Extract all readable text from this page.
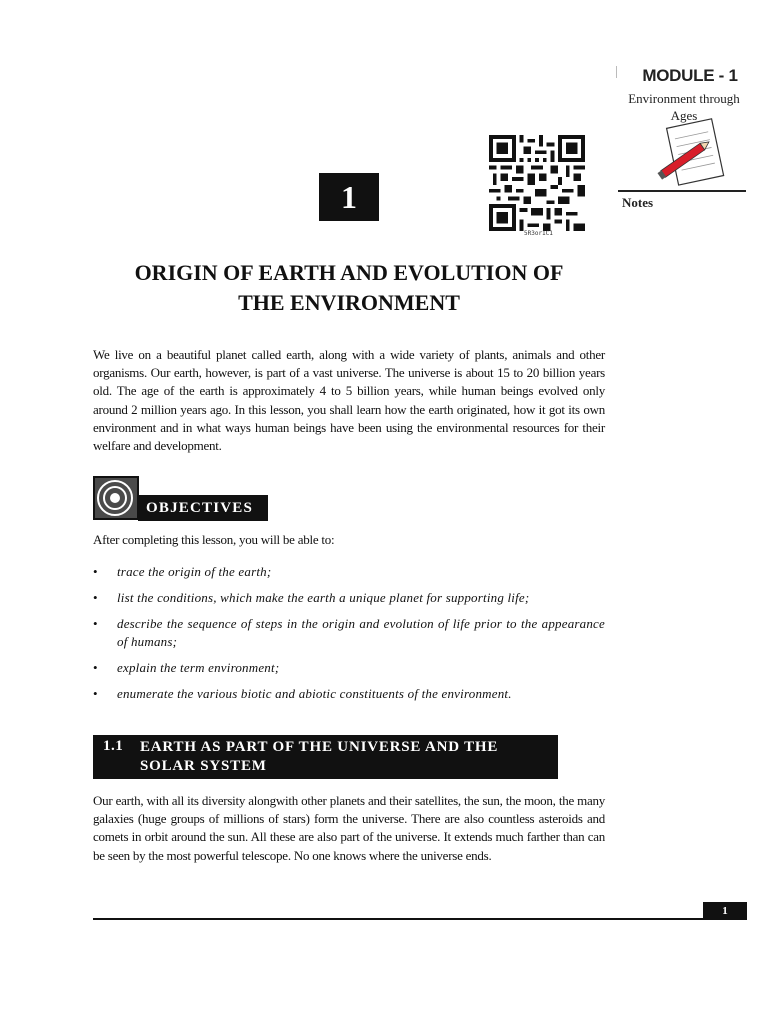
MODULE - 1
Environment through Ages
Notes
1
5R3or1C1
ORIGIN OF EARTH AND EVOLUTION OF
THE ENVIRONMENT
We live on a beautiful planet called earth, along with a wide variety of plants, animals and other organisms. Our earth, however, is part of a vast universe. The universe is about 15 to 20 billion years old. The age of the earth is approximately 4 to 5 billion years, while human beings evolved only around 2 million years ago. In this lesson, you shall learn how the earth originated, how it got its own environment and in what ways human beings have been using the environmental resources for their welfare and development.
OBJECTIVES
After completing this lesson, you will be able to:
• trace the origin of the earth;
• list the conditions, which make the earth a unique planet for supporting life;
• describe the sequence of steps in the origin and evolution of life prior to the appearance of humans;
• explain the term environment;
• enumerate the various biotic and abiotic constituents of the environment.
1.1 EARTH AS PART OF THE UNIVERSE AND THE SOLAR SYSTEM
Our earth, with all its diversity alongwith other planets and their satellites, the sun, the moon, the many galaxies (huge groups of millions of stars) form the universe. There are also countless asteroids and comets in orbit around the sun. All these are also part of the universe. It extends much farther than can be seen by the most powerful telescope. No one knows where the universe ends.
1
